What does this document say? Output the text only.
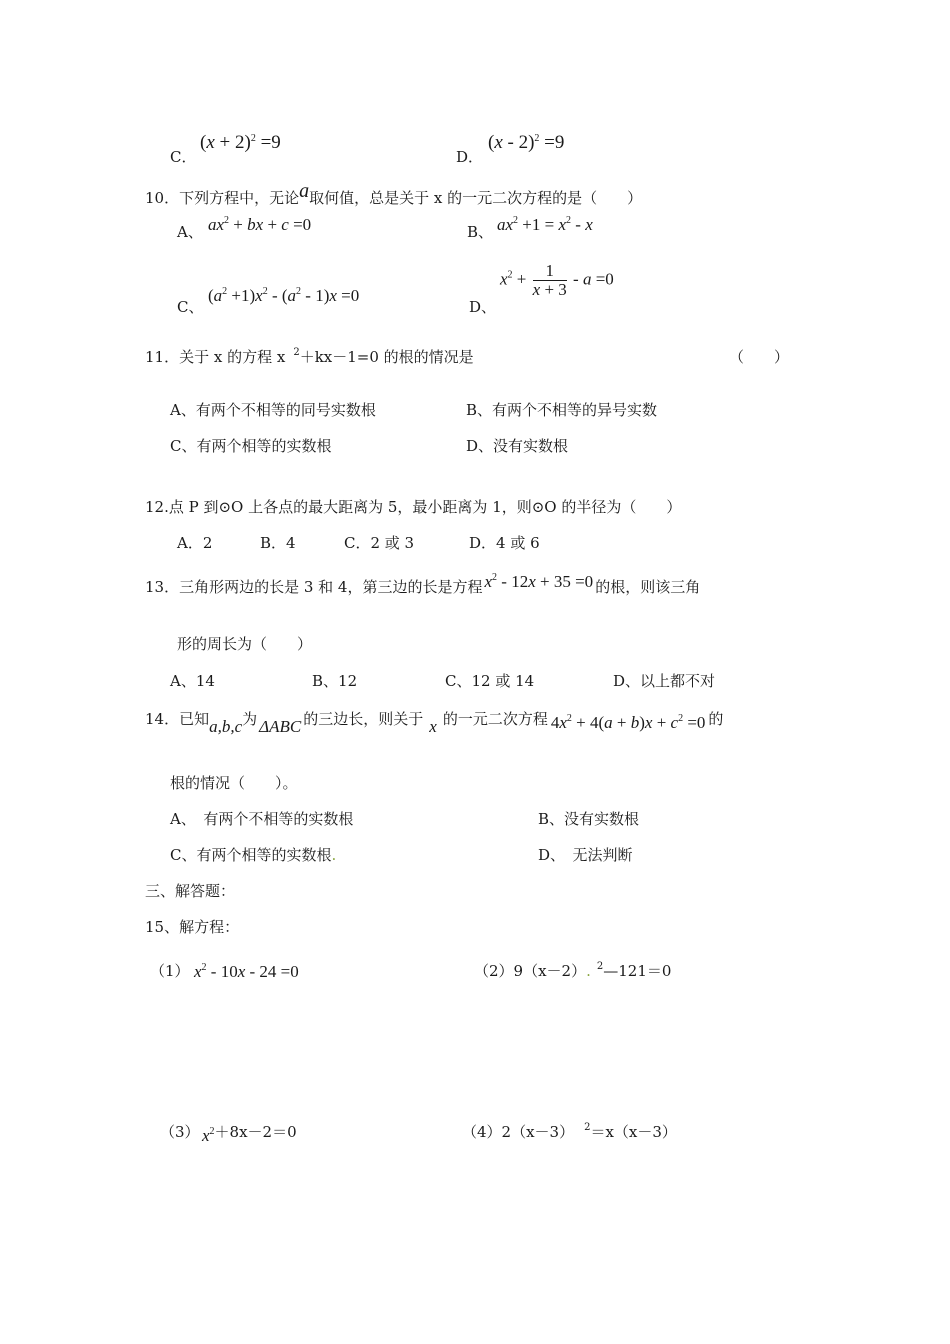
C．
$(x + 2)^2 =9$
D．
(x - 2)$^2$ =9
10．下列方程中，无论a取何值，总是关于 x 的一元二次方程的是（　　）
A、 $ax^2$ + bx + c =0	B、 $ax^2 +1 = x^2 - x$
C、
$(a^2 +1)x^2 - (a^2 - 1)x =0$
D、
$x^2 + \frac{1}{x + 3} - a =0$
11．关于 x 的方程 x $^2$＋kx－1=0 的根的情况是	（　　）
A、有两个不相等的同号实数根	B、有两个不相等的异号实数
C、有两个相等的实数根	D、没有实数根
12.点 P 到⊙O 上各点的最大距离为 5，最小距离为 1，则⊙O 的半径为（　　）
A．2	B．4	C．2 或 3	D．4 或 6
13．三角形两边的长是 3 和 4，第三边的长是方程 $x^2 - 12x + 35 =0$ 的根，则该三角
形的周长为（　　）
A、14	B、12	C、12 或 14	D、以上都不对
14．已知a,b,c为 ΔABC 的三边长，则关于 x 的一元二次方程 $4x^2 + 4(a + b)x + c^2 =0$ 的
根的情况（　　）。
A、　有两个不相等的实数根	B、没有实数根
C、有两个相等的实数根.	D、　无法判断
三、解答题：
15、解方程：
（1） $x^2 - 10x - 24 =0$	（2）9（x－2）. $^2$—121＝0
（3） $x^2+8x-2=0$	（4）2（x－3） $^2$＝x（x－3）
